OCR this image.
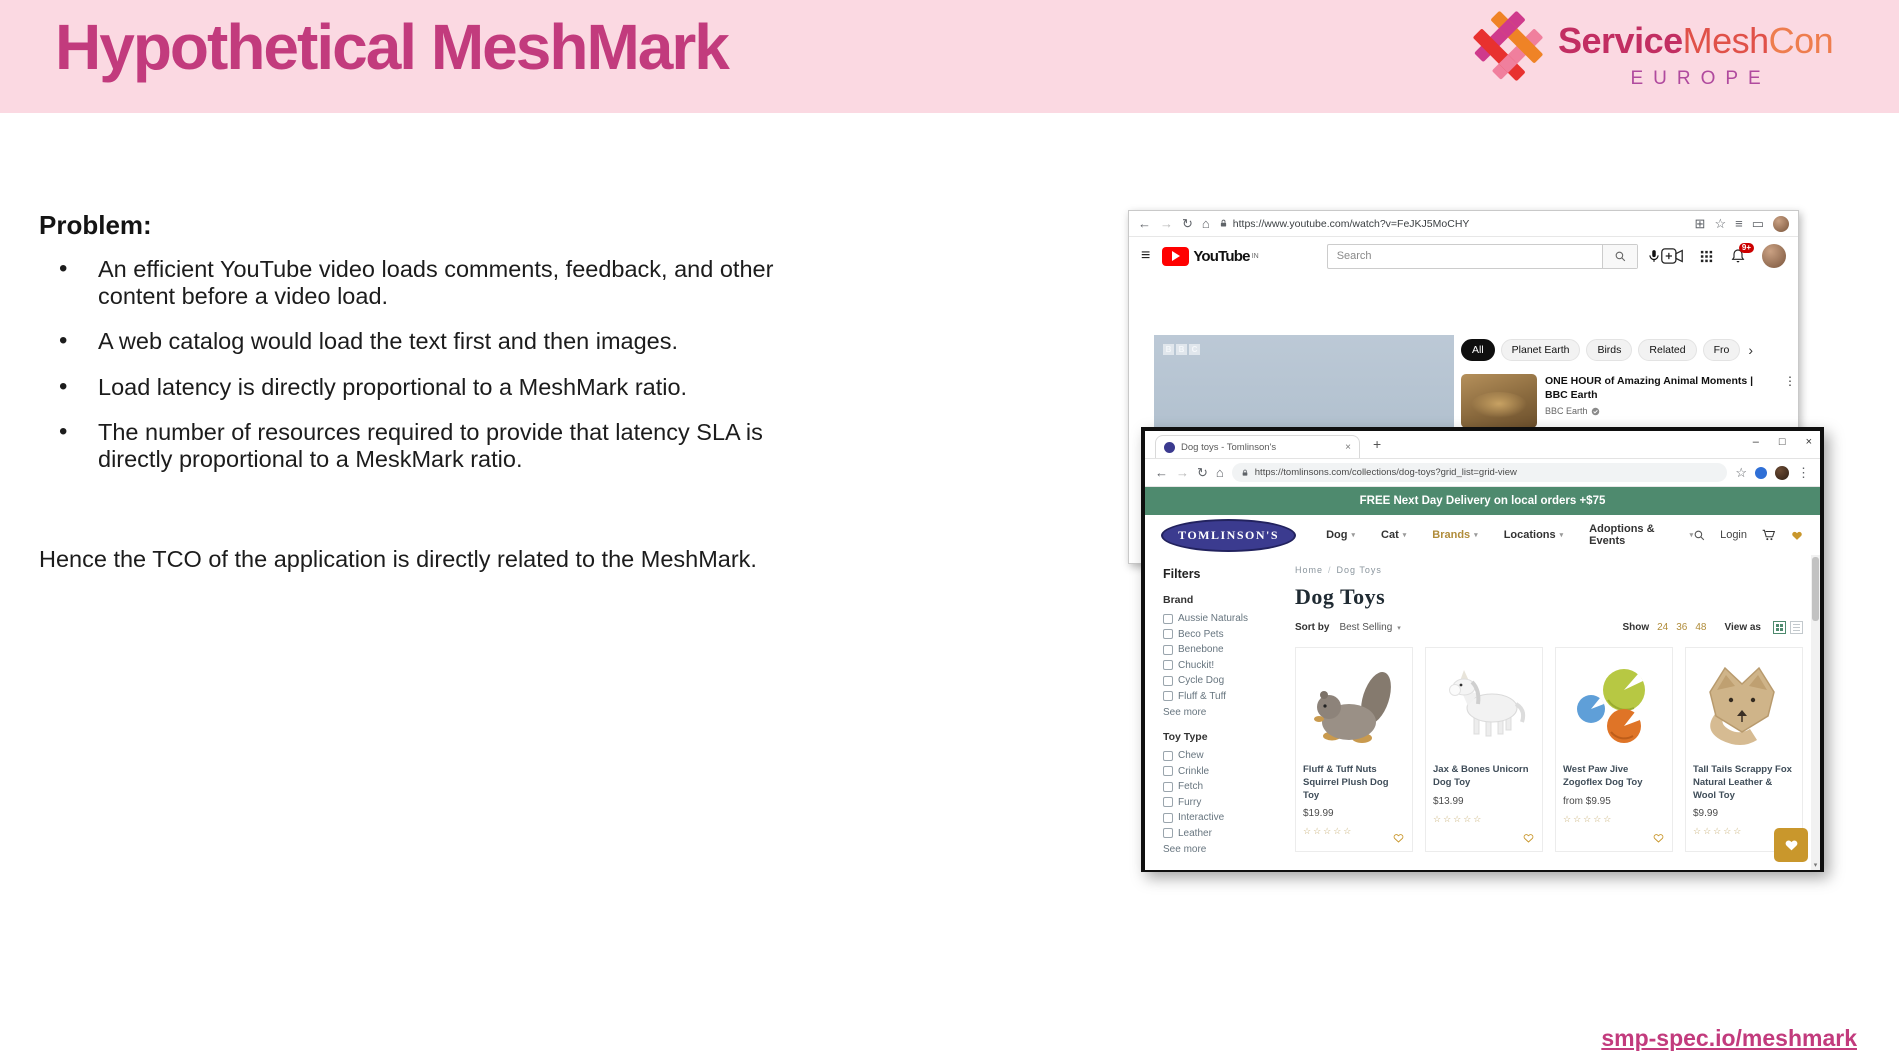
Hypothetical MeshMark	ServiceMeshCon
EUROPE
Problem:
• An efficient YouTube video loads comments, feedback, and other content before a video load.
• A web catalog would load the text first and then images.
• Load latency is directly proportional to a MeshMark ratio.
• The number of resources required to provide that latency SLA is directly proportional to a MeskMark ratio.
Hence the TCO of the application is directly related to the MeshMark.
smp-spec.io/meshmark
← → ↻ ⌂ https://www.youtube.com/watch?v=FeJKJ5MoCHY	⊞ ☆ ≡ ▭
≡	YouTube IN	Search
9+
B B C	All	Planet Earth	Birds	Related	Fro	›
ONE HOUR of Amazing Animal Moments | BBC Earth
BBC Earth
⋮
Dog toys - Tomlinson's	× +	– □ ×
← → ↻ ⌂	https://tomlinsons.com/collections/dog-toys?grid_list=grid-view	☆	⋮
FREE Next Day Delivery on local orders +$75
TOMLINSON'S	Dog ▾ Cat ▾ Brands ▾ Locations ▾
Adoptions & Events	▾ Login
Filters
Brand
Aussie Naturals
Beco Pets
Benebone
Chuckit!
Cycle Dog
Fluff & Tuff
See more
Toy Type
Chew
Crinkle
Fetch
Furry
Interactive
Leather
See more
Home / Dog Toys
Dog Toys
Sort by Best Selling ▾	Show 24 36 48 View as
Fluff & Tuff Nuts Squirrel Plush Dog Toy
$19.99
☆☆☆☆☆
Jax & Bones Unicorn Dog Toy
$13.99
☆☆☆☆☆
West Paw Jive Zogoflex Dog Toy
from $9.95
☆☆☆☆☆
Tall Tails Scrappy Fox Natural Leather & Wool Toy
$9.99
☆☆☆☆☆
▾
